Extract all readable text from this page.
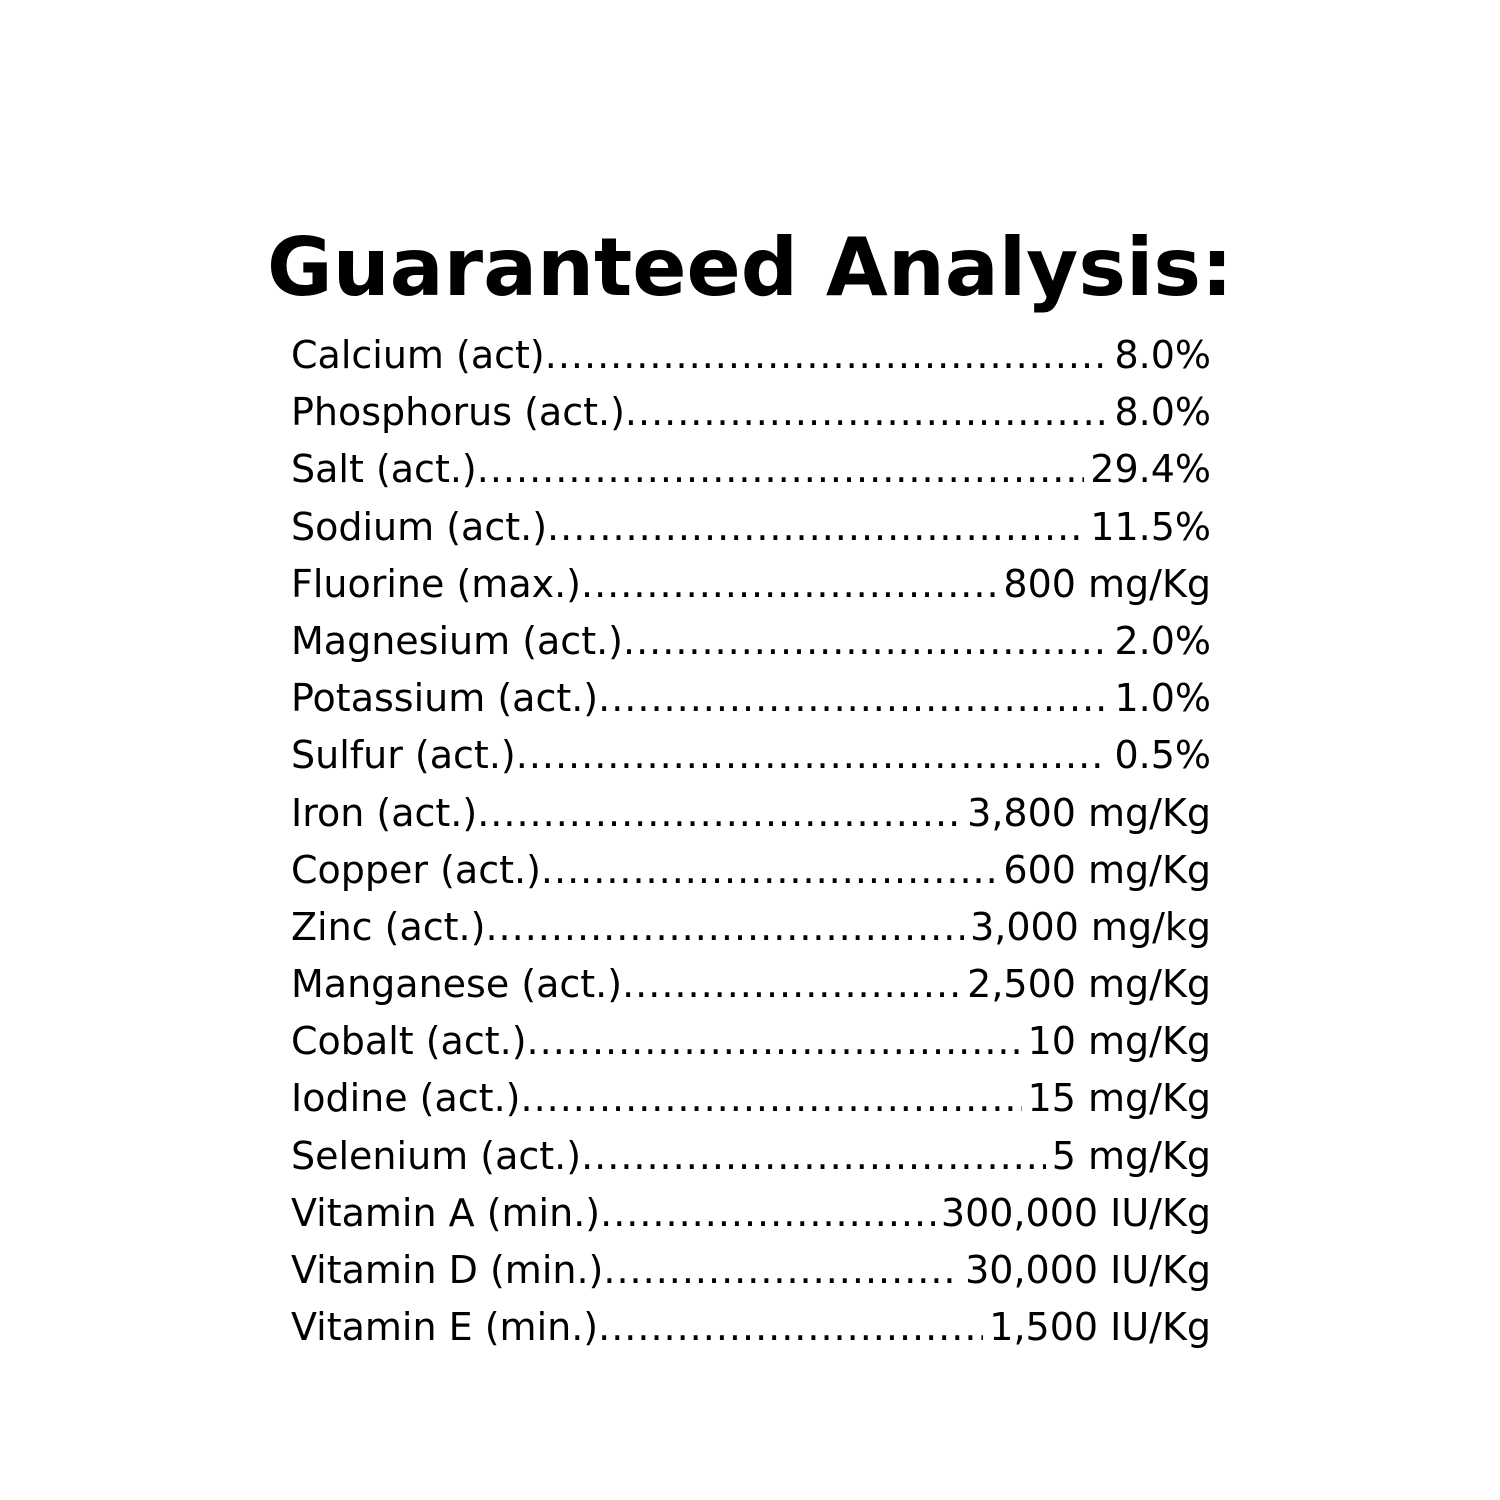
Guaranteed Analysis:
Calcium (act) .....	8.0%
Phosphorus (act.) .....	8.0%
Salt (act.) .....	29.4%
Sodium (act.) .....	11.5%
Fluorine (max.) .....	800 mg/Kg
Magnesium (act.) .....	2.0%
Potassium (act.) .....	1.0%
Sulfur (act.) .....	0.5%
Iron (act.) .....	3,800 mg/Kg
Copper (act.) .....	600 mg/Kg
Zinc (act.) .....	3,000 mg/kg
Manganese (act.) .....	2,500 mg/Kg
Cobalt (act.) .....	10 mg/Kg
Iodine (act.) .....	15 mg/Kg
Selenium (act.) .....	5 mg/Kg
Vitamin A (min.) .....	300,000 IU/Kg
Vitamin D (min.) .....	30,000 IU/Kg
Vitamin E (min.) .....	1,500 IU/Kg
